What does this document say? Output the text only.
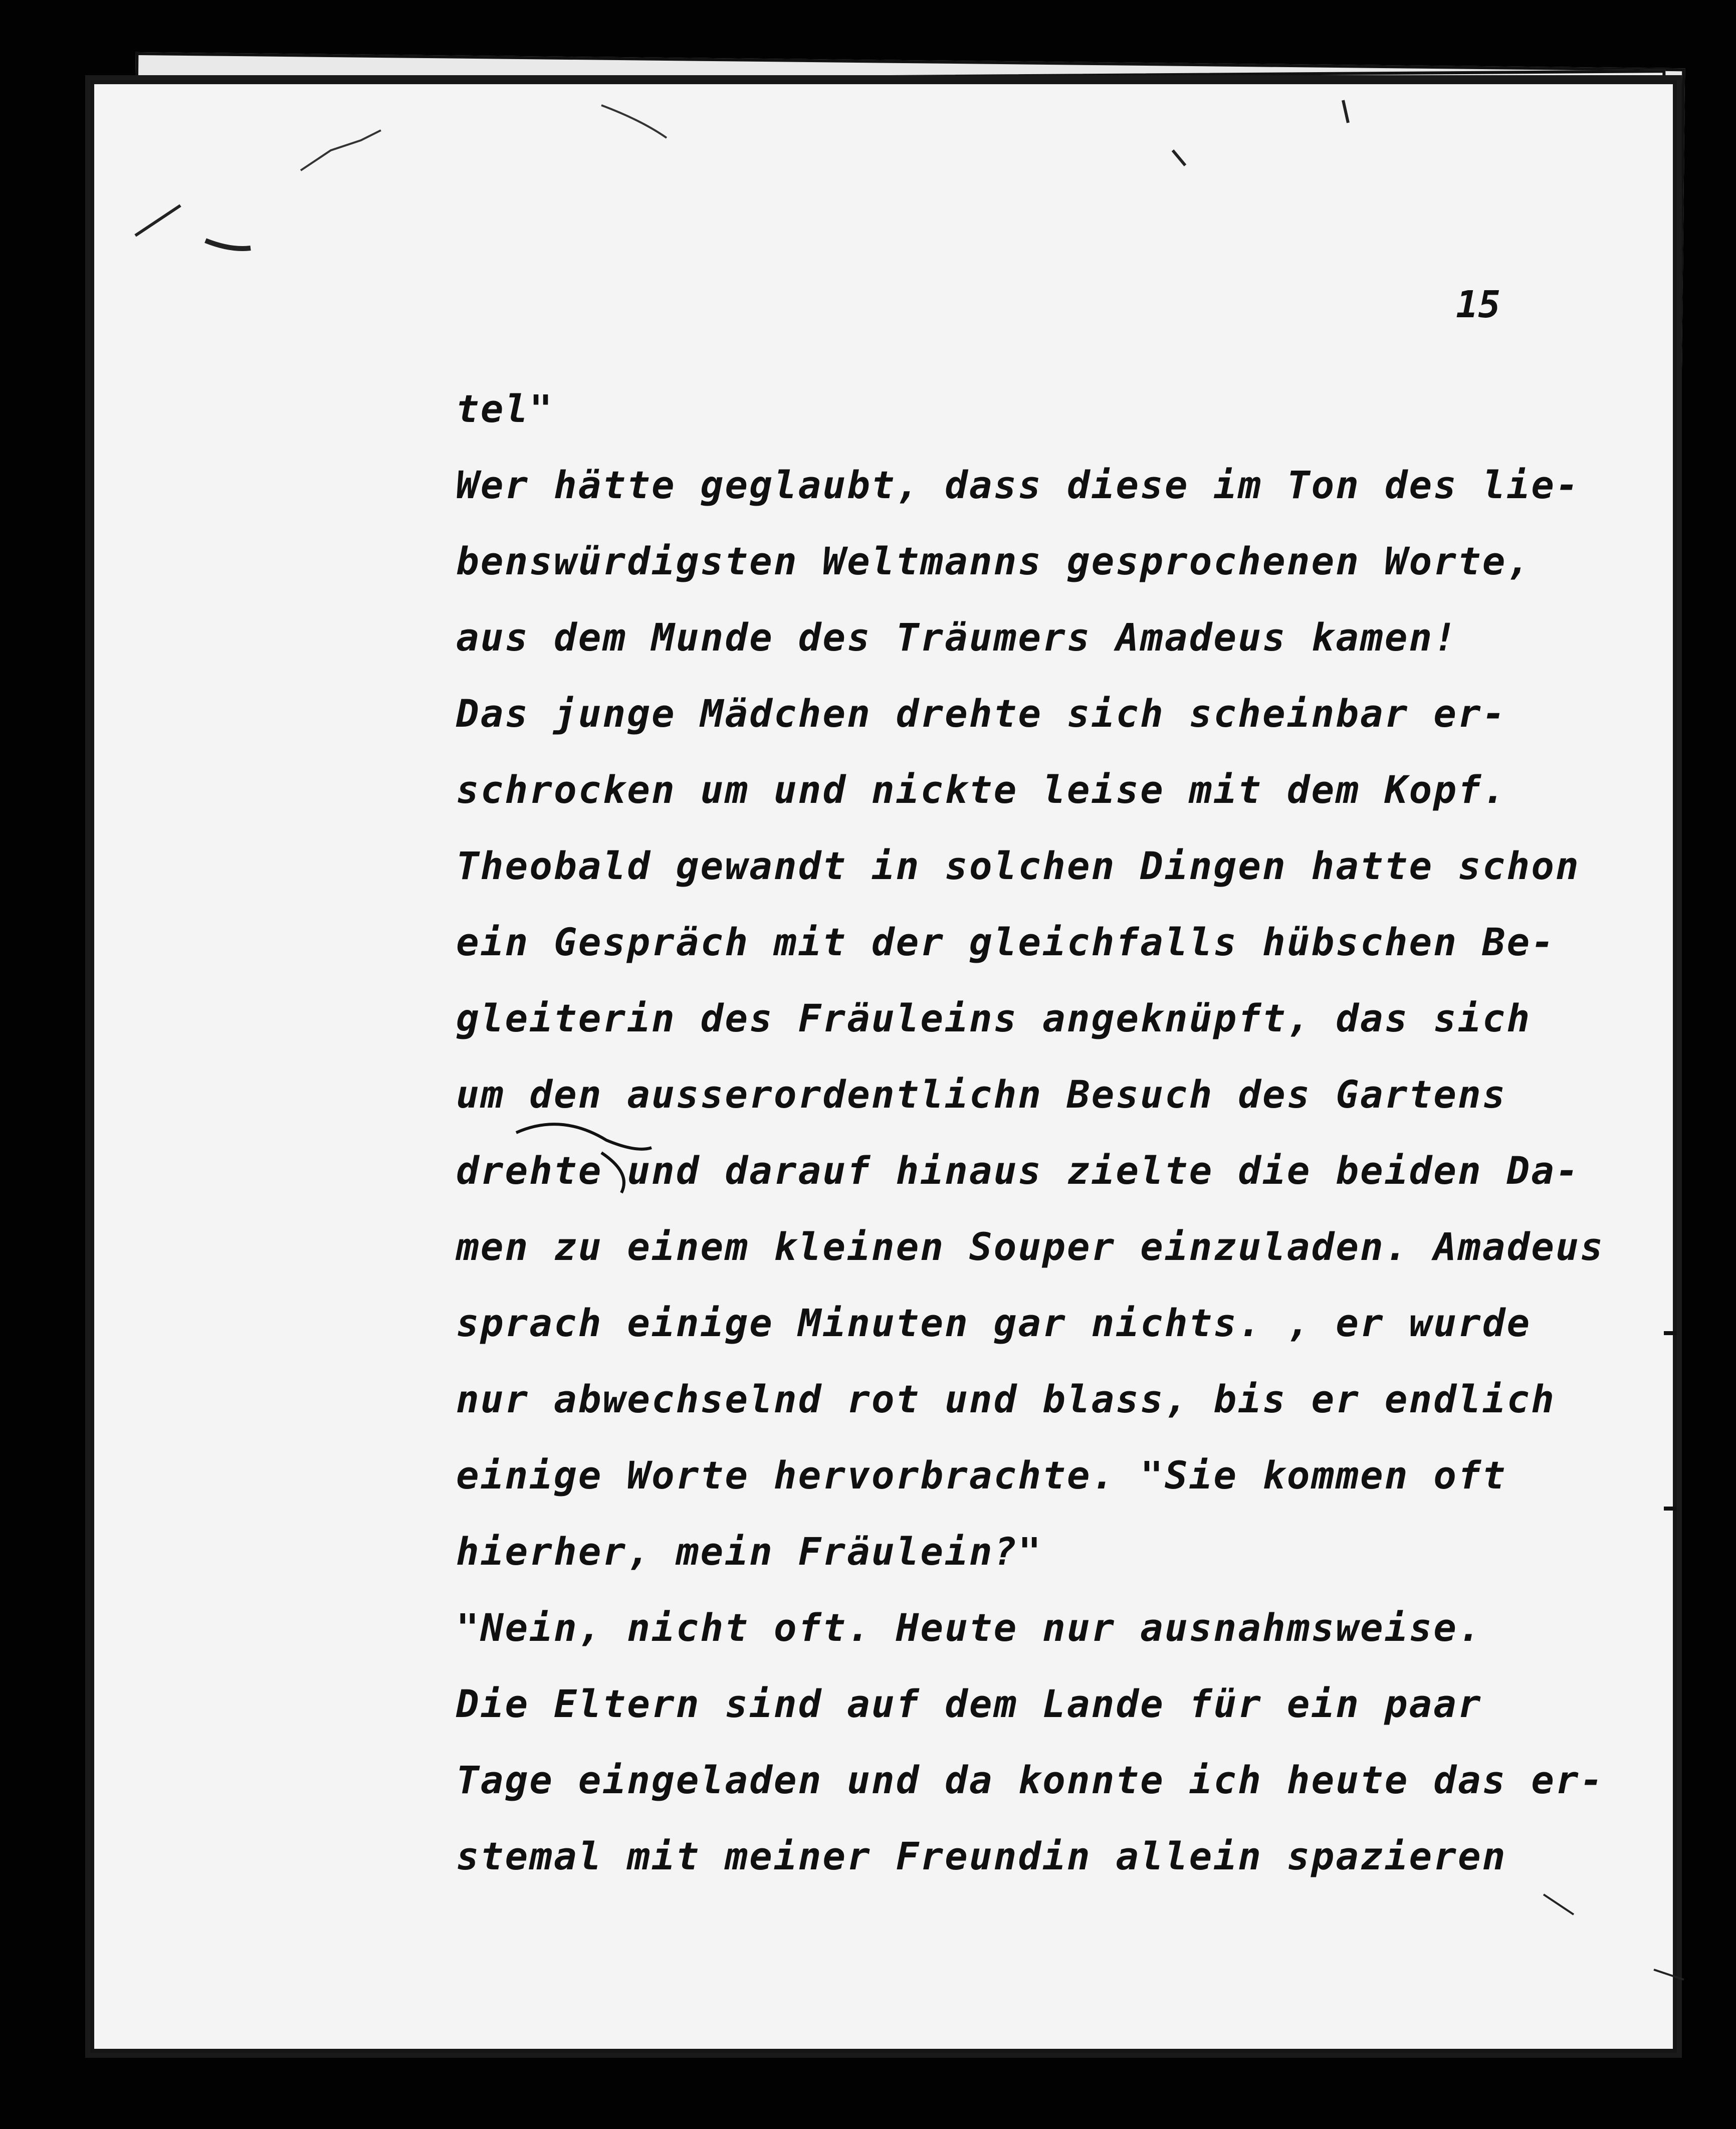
15
tel"
Wer hätte geglaubt, dass diese im Ton des lie-
benswürdigsten Weltmanns gesprochenen Worte,
aus dem Munde des Träumers Amadeus kamen!
Das junge Mädchen drehte sich scheinbar er-
schrocken um und nickte leise mit dem Kopf.
Theobald gewandt in solchen Dingen hatte schon
ein Gespräch mit der gleichfalls hübschen Be-
gleiterin des Fräuleins angeknüpft, das sich
um den ausserordentlichn Besuch des Gartens
drehte und darauf hinaus zielte die beiden Da-
men zu einem kleinen Souper einzuladen. Amadeus
sprach einige Minuten gar nichts. , er wurde
nur abwechselnd rot und blass, bis er endlich
einige Worte hervorbrachte. "Sie kommen oft
hierher, mein Fräulein?"
"Nein, nicht oft. Heute nur ausnahmsweise.
Die Eltern sind auf dem Lande für ein paar
Tage eingeladen und da konnte ich heute das er-
stemal mit meiner Freundin allein spazieren
